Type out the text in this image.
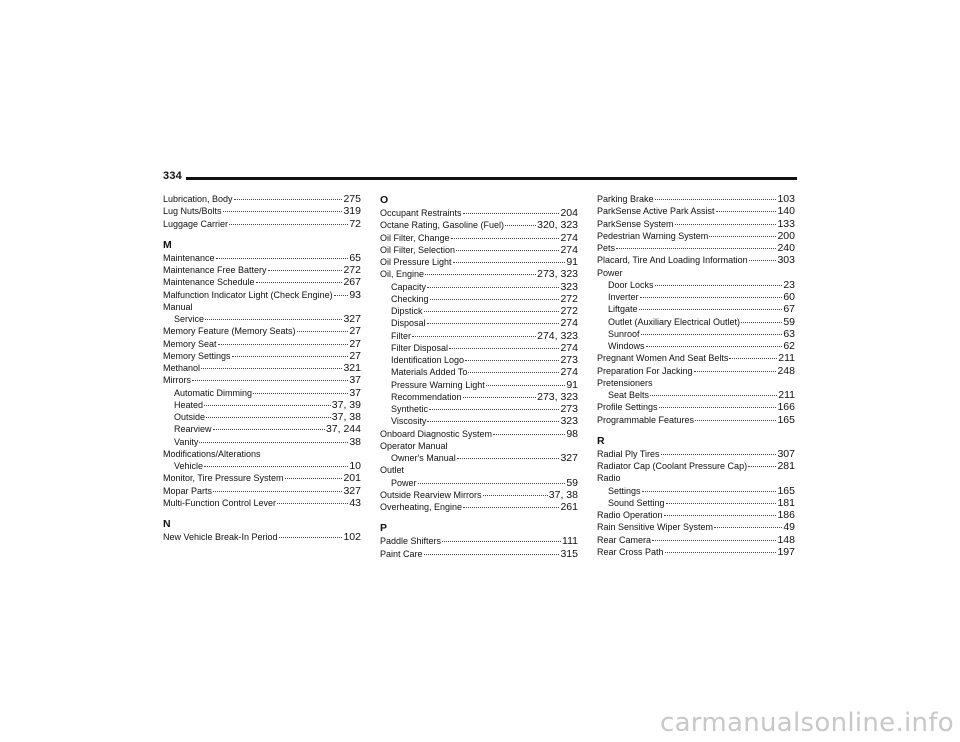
334
Lubrication, Body	275
Lug Nuts/Bolts	319
Luggage Carrier	72
M
Maintenance	65
Maintenance Free Battery	272
Maintenance Schedule	267
Malfunction Indicator Light (Check Engine) 93
Manual
Service	327
Memory Feature (Memory Seats)	27
Memory Seat	27
Memory Settings	27
Methanol	321
Mirrors	37
Automatic Dimming	37
Heated	37, 39
Outside	37, 38
Rearview	37, 244
Vanity	38
Modifications/Alterations
Vehicle	10
Monitor, Tire Pressure System	201
Mopar Parts	327
Multi-Function Control Lever	43
N
New Vehicle Break-In Period	102
O
Occupant Restraints	204
Octane Rating, Gasoline (Fuel)	320, 323
Oil Filter, Change	274
Oil Filter, Selection	274
Oil Pressure Light	91
Oil, Engine	273, 323
Capacity	323
Checking	272
Dipstick	272
Disposal	274
Filter	274, 323
Filter Disposal	274
Identification Logo	273
Materials Added To	274
Pressure Warning Light	91
Recommendation	273, 323
Synthetic	273
Viscosity	323
Onboard Diagnostic System	98
Operator Manual
Owner's Manual	327
Outlet
Power	59
Outside Rearview Mirrors	37, 38
Overheating, Engine	261
P
Paddle Shifters	111
Paint Care	315
Parking Brake	103
ParkSense Active Park Assist	140
ParkSense System	133
Pedestrian Warning System	200
Pets	240
Placard, Tire And Loading Information	303
Power
Door Locks	23
Inverter	60
Liftgate	67
Outlet (Auxiliary Electrical Outlet)	59
Sunroof	63
Windows	62
Pregnant Women And Seat Belts	211
Preparation For Jacking	248
Pretensioners
Seat Belts	211
Profile Settings	166
Programmable Features	165
R
Radial Ply Tires	307
Radiator Cap (Coolant Pressure Cap)	281
Radio
Settings	165
Sound Setting	181
Radio Operation	186
Rain Sensitive Wiper System	49
Rear Camera	148
Rear Cross Path	197
carmanualsonline.info
